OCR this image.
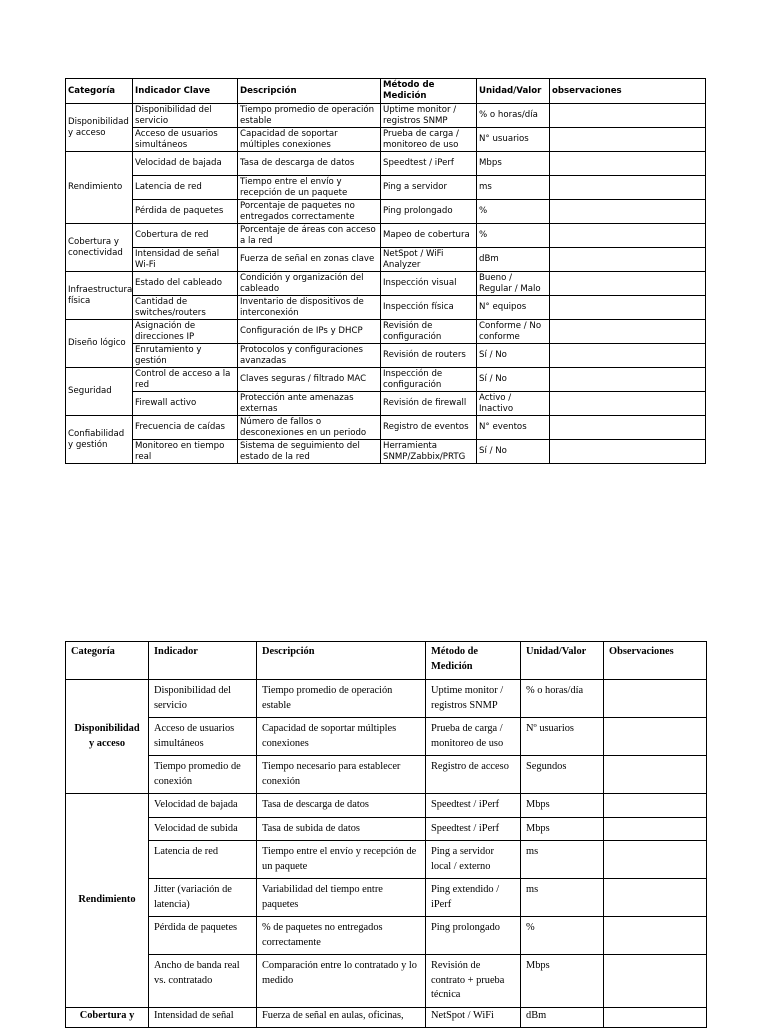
Categoría	Indicador Clave	Descripción	Método de Medición	Unidad/Valor	observaciones
Disponibilidad y acceso	Disponibilidad del servicio	Tiempo promedio de operación estable	Uptime monitor / registros SNMP	% o horas/día	
	Acceso de usuarios simultáneos	Capacidad de soportar múltiples conexiones	Prueba de carga / monitoreo de uso	N° usuarios	
Rendimiento	Velocidad de bajada	Tasa de descarga de datos	Speedtest / iPerf	Mbps	
	Latencia de red	Tiempo entre el envío y recepción de un paquete	Ping a servidor	ms	
	Pérdida de paquetes	Porcentaje de paquetes no entregados correctamente	Ping prolongado	%	
Cobertura y conectividad	Cobertura de red	Porcentaje de áreas con acceso a la red	Mapeo de cobertura	%	
	Intensidad de señal Wi-Fi	Fuerza de señal en zonas clave	NetSpot / WiFi Analyzer	dBm	
Infraestructura física	Estado del cableado	Condición y organización del cableado	Inspección visual	Bueno / Regular / Malo	
	Cantidad de switches/routers	Inventario de dispositivos de interconexión	Inspección física	N° equipos	
Diseño lógico	Asignación de direcciones IP	Configuración de IPs y DHCP	Revisión de configuración	Conforme / No conforme	
	Enrutamiento y gestión	Protocolos y configuraciones avanzadas	Revisión de routers	Sí / No	
Seguridad	Control de acceso a la red	Claves seguras / filtrado MAC	Inspección de configuración	Sí / No	
	Firewall activo	Protección ante amenazas externas	Revisión de firewall	Activo / Inactivo	
Confiabilidad y gestión	Frecuencia de caídas	Número de fallos o desconexiones en un periodo	Registro de eventos	N° eventos	
	Monitoreo en tiempo real	Sistema de seguimiento del estado de la red	Herramienta SNMP/Zabbix/PRTG	Sí / No	
Categoría	Indicador	Descripción	Método de Medición	Unidad/Valor	Observaciones
Disponibilidad y acceso	Disponibilidad del servicio	Tiempo promedio de operación estable	Uptime monitor / registros SNMP	% o horas/día	
	Acceso de usuarios simultáneos	Capacidad de soportar múltiples conexiones	Prueba de carga / monitoreo de uso	Nº usuarios	
	Tiempo promedio de conexión	Tiempo necesario para establecer conexión	Registro de acceso	Segundos	
Rendimiento	Velocidad de bajada	Tasa de descarga de datos	Speedtest / iPerf	Mbps	
	Velocidad de subida	Tasa de subida de datos	Speedtest / iPerf	Mbps	
	Latencia de red	Tiempo entre el envío y recepción de un paquete	Ping a servidor local / externo	ms	
	Jitter (variación de latencia)	Variabilidad del tiempo entre paquetes	Ping extendido / iPerf	ms	
	Pérdida de paquetes	% de paquetes no entregados correctamente	Ping prolongado	%	
	Ancho de banda real vs. contratado	Comparación entre lo contratado y lo medido	Revisión de contrato + prueba técnica	Mbps	
Cobertura y	Intensidad de señal	Fuerza de señal en aulas, oficinas,	NetSpot / WiFi	dBm	
